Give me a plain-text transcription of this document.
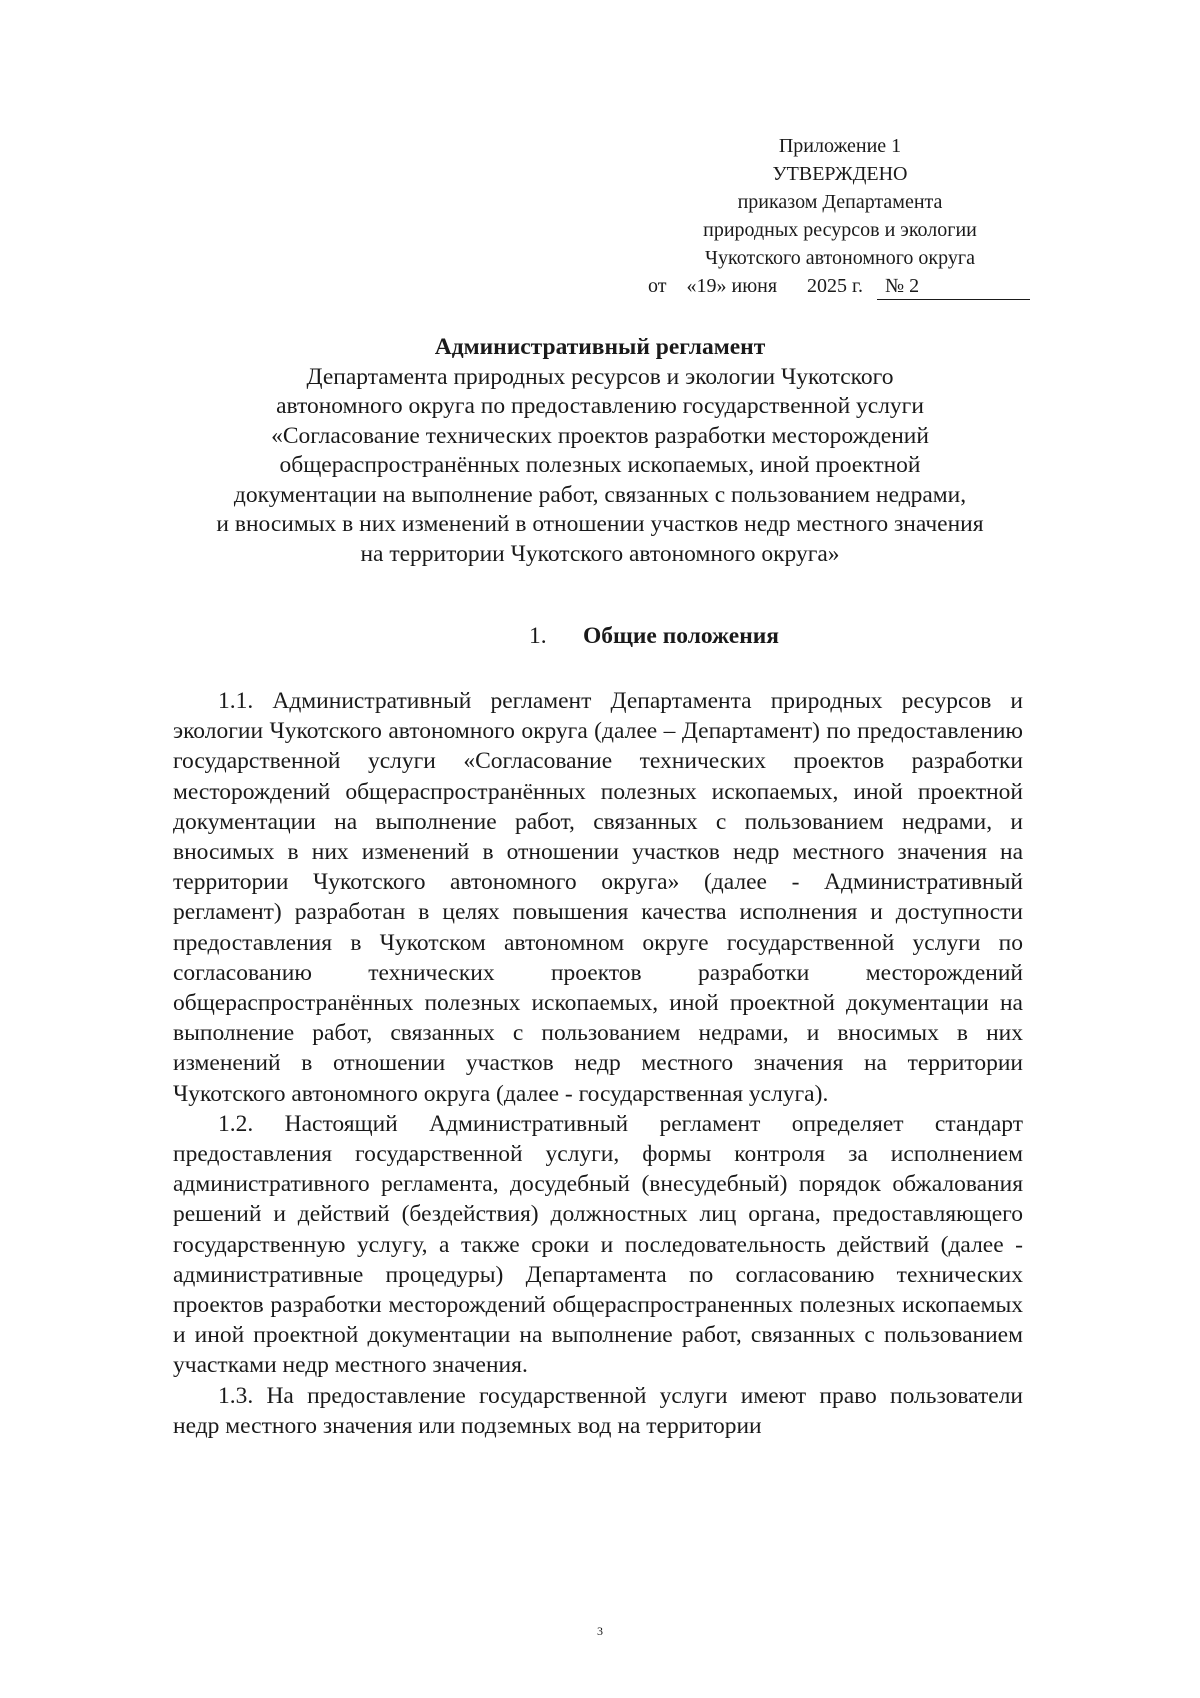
Приложение 1
УТВЕРЖДЕНО
приказом Департамента
природных ресурсов и экологии
Чукотского автономного округа
от «19» июня 2025 г. № 2
Административный регламент
Департамента природных ресурсов и экологии Чукотского
автономного округа по предоставлению государственной услуги
«Согласование технических проектов разработки месторождений
общераспространённых полезных ископаемых, иной проектной
документации на выполнение работ, связанных с пользованием недрами,
и вносимых в них изменений в отношении участков недр местного значения
на территории Чукотского автономного округа»
1. Общие положения

1.1. Административный регламент Департамента природных ресурсов и экологии Чукотского автономного округа (далее – Департамент) по предоставлению государственной услуги «Согласование технических проектов разработки месторождений общераспространённых полезных ископаемых, иной проектной документации на выполнение работ, связанных с пользованием недрами, и вносимых в них изменений в отношении участков недр местного значения на территории Чукотского автономного округа» (далее - Административный регламент) разработан в целях повышения качества исполнения и доступности предоставления в Чукотском автономном округе государственной услуги по согласованию технических проектов разработки месторождений общераспространённых полезных ископаемых, иной проектной документации на выполнение работ, связанных с пользованием недрами, и вносимых в них изменений в отношении участков недр местного значения на территории Чукотского автономного округа (далее - государственная услуга).

1.2. Настоящий Административный регламент определяет стандарт предоставления государственной услуги, формы контроля за исполнением административного регламента, досудебный (внесудебный) порядок обжалования решений и действий (бездействия) должностных лиц органа, предоставляющего государственную услугу, а также сроки и последовательность действий (далее - административные процедуры) Департамента по согласованию технических проектов разработки месторождений общераспространенных полезных ископаемых и иной проектной документации на выполнение работ, связанных с пользованием участками недр местного значения.

1.3. На предоставление государственной услуги имеют право пользователи недр местного значения или подземных вод на территории

3
